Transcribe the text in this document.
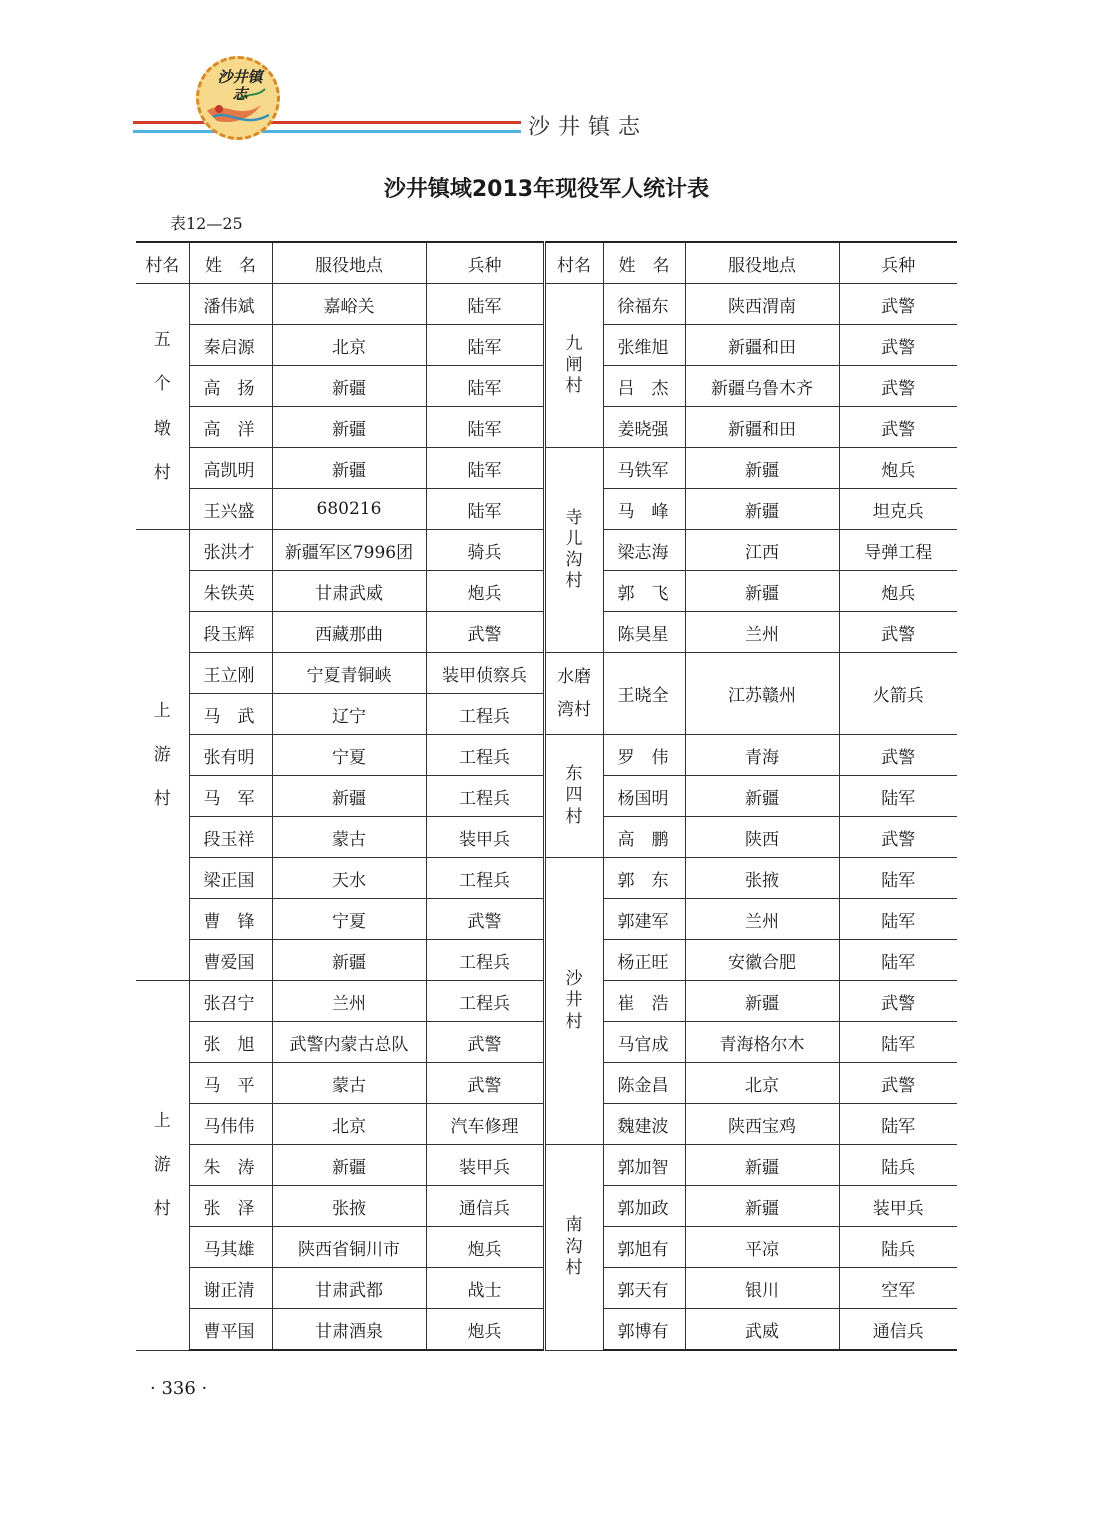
沙井镇志
沙井镇志
沙井镇域2013年现役军人统计表
表12—25
村名	姓　名	服役地点	兵种	村名	姓　名	服役地点	兵种
五个墩村	潘伟斌	嘉峪关	陆军	九闸村	徐福东	陕西渭南	武警
	秦启源	北京	陆军		张维旭	新疆和田	武警
	高　扬	新疆	陆军		吕　杰	新疆乌鲁木齐	武警
	高　洋	新疆	陆军		姜晓强	新疆和田	武警
	高凯明	新疆	陆军	寺儿沟村	马铁军	新疆	炮兵
	王兴盛	680216	陆军		马　峰	新疆	坦克兵
上游村	张洪才	新疆军区7996团	骑兵		梁志海	江西	导弹工程
	朱铁英	甘肃武威	炮兵		郭　飞	新疆	炮兵
	段玉辉	西藏那曲	武警		陈昊星	兰州	武警
	王立刚	宁夏青铜峡	装甲侦察兵	水磨湾村	王晓全	江苏赣州	火箭兵
	马　武	辽宁	工程兵				
	张有明	宁夏	工程兵	东四村	罗　伟	青海	武警
	马　军	新疆	工程兵		杨国明	新疆	陆军
	段玉祥	蒙古	装甲兵		高　鹏	陕西	武警
	梁正国	天水	工程兵	沙井村	郭　东	张掖	陆军
	曹　锋	宁夏	武警		郭建军	兰州	陆军
	曹爱国	新疆	工程兵		杨正旺	安徽合肥	陆军
上游村	张召宁	兰州	工程兵		崔　浩	新疆	武警
	张　旭	武警内蒙古总队	武警		马官成	青海格尔木	陆军
	马　平	蒙古	武警		陈金昌	北京	武警
	马伟伟	北京	汽车修理		魏建波	陕西宝鸡	陆军
	朱　涛	新疆	装甲兵	南沟村	郭加智	新疆	陆兵
	张　泽	张掖	通信兵		郭加政	新疆	装甲兵
	马其雄	陕西省铜川市	炮兵		郭旭有	平凉	陆兵
	谢正清	甘肃武都	战士		郭天有	银川	空军
	曹平国	甘肃酒泉	炮兵		郭博有	武威	通信兵
· 336 ·
